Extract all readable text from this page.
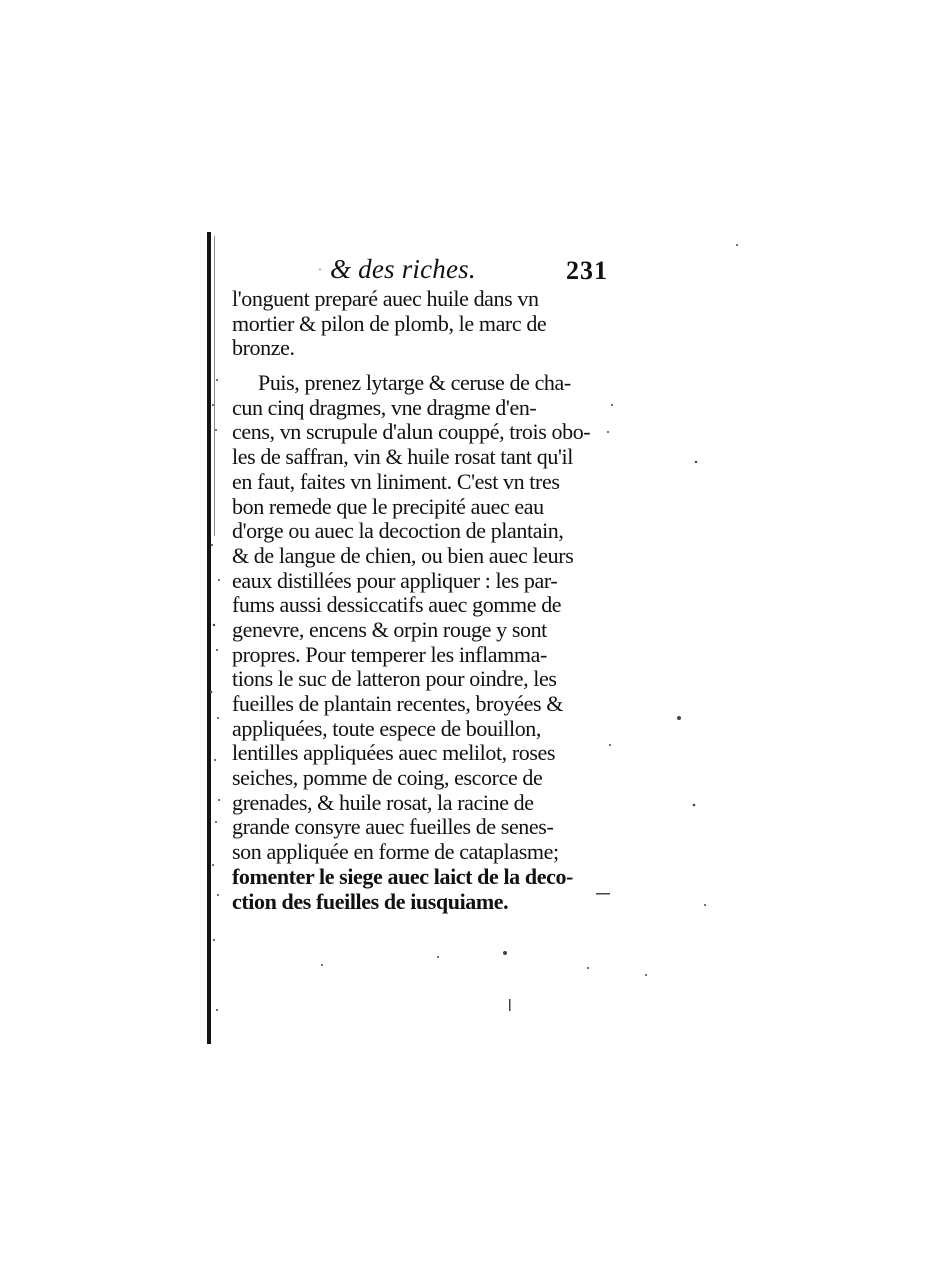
· & des riches.	231
l'onguent preparé auec huile dans vn
mortier & pilon de plomb, le marc de
bronze.
Puis, prenez lytarge & ceruse de cha-
cun cinq dragmes, vne dragme d'en-
cens, vn scrupule d'alun couppé, trois obo-
les de saffran, vin & huile rosat tant qu'il
en faut, faites vn liniment. C'est vn tres
bon remede que le precipité auec eau
d'orge ou auec la decoction de plantain,
& de langue de chien, ou bien auec leurs
eaux distillées pour appliquer : les par-
fums aussi dessiccatifs auec gomme de
genevre, encens & orpin rouge y sont
propres. Pour temperer les inflamma-
tions le suc de latteron pour oindre, les
fueilles de plantain recentes, broyées &
appliquées, toute espece de bouillon,
lentilles appliquées auec melilot, roses
seiches, pomme de coing, escorce de
grenades, & huile rosat, la racine de
grande consyre auec fueilles de senes-
son appliquée en forme de cataplasme;
fomenter le siege auec laict de la deco-
ction des fueilles de iusquiame.
